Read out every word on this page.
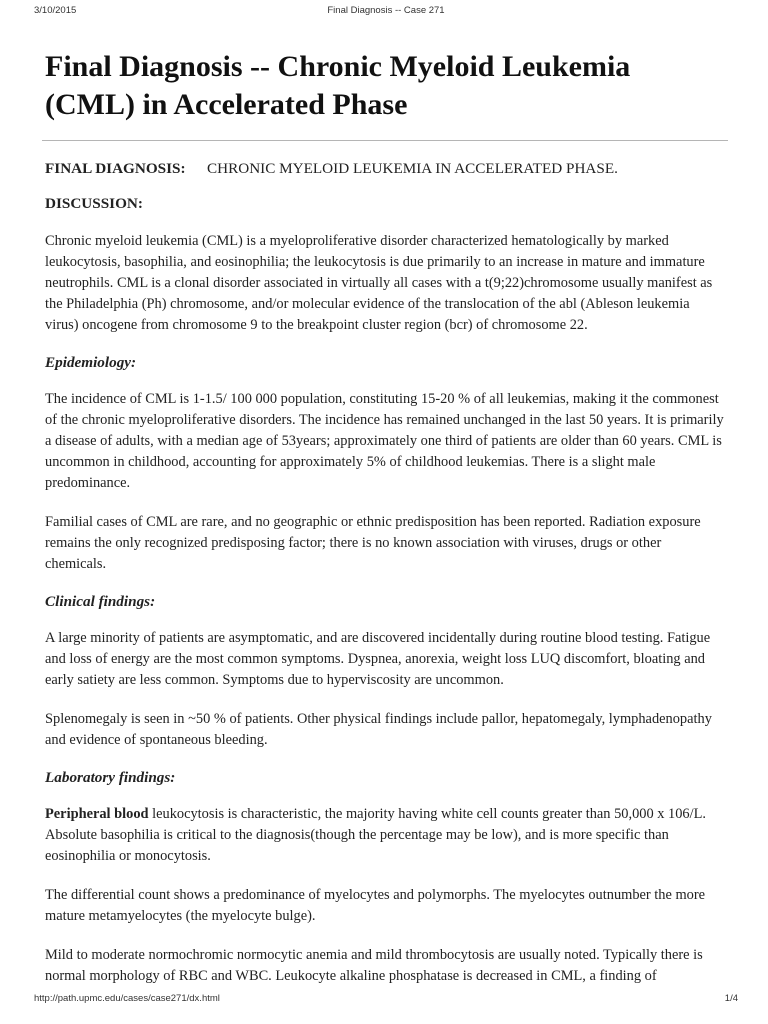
3/10/2015	Final Diagnosis -- Case 271
Final Diagnosis -- Chronic Myeloid Leukemia (CML) in Accelerated Phase
FINAL DIAGNOSIS: CHRONIC MYELOID LEUKEMIA IN ACCELERATED PHASE.
DISCUSSION:

Chronic myeloid leukemia (CML) is a myeloproliferative disorder characterized hematologically by marked leukocytosis, basophilia, and eosinophilia; the leukocytosis is due primarily to an increase in mature and immature neutrophils. CML is a clonal disorder associated in virtually all cases with a t(9;22)chromosome usually manifest as the Philadelphia (Ph) chromosome, and/or molecular evidence of the translocation of the abl (Ableson leukemia virus) oncogene from chromosome 9 to the breakpoint cluster region (bcr) of chromosome 22.

Epidemiology:

The incidence of CML is 1-1.5/ 100 000 population, constituting 15-20 % of all leukemias, making it the commonest of the chronic myeloproliferative disorders. The incidence has remained unchanged in the last 50 years. It is primarily a disease of adults, with a median age of 53years; approximately one third of patients are older than 60 years. CML is uncommon in childhood, accounting for approximately 5% of childhood leukemias. There is a slight male predominance.

Familial cases of CML are rare, and no geographic or ethnic predisposition has been reported. Radiation exposure remains the only recognized predisposing factor; there is no known association with viruses, drugs or other chemicals.

Clinical findings:

A large minority of patients are asymptomatic, and are discovered incidentally during routine blood testing. Fatigue and loss of energy are the most common symptoms. Dyspnea, anorexia, weight loss LUQ discomfort, bloating and early satiety are less common. Symptoms due to hyperviscosity are uncommon.

Splenomegaly is seen in ~50 % of patients. Other physical findings include pallor, hepatomegaly, lymphadenopathy and evidence of spontaneous bleeding.

Laboratory findings:

Peripheral blood leukocytosis is characteristic, the majority having white cell counts greater than 50,000 x 106/L. Absolute basophilia is critical to the diagnosis(though the percentage may be low), and is more specific than eosinophilia or monocytosis.

The differential count shows a predominance of myelocytes and polymorphs. The myelocytes outnumber the more mature metamyelocytes (the myelocyte bulge).

Mild to moderate normochromic normocytic anemia and mild thrombocytosis are usually noted. Typically there is normal morphology of RBC and WBC. Leukocyte alkaline phosphatase is decreased in CML, a finding of

http://path.upmc.edu/cases/case271/dx.html	1/4
